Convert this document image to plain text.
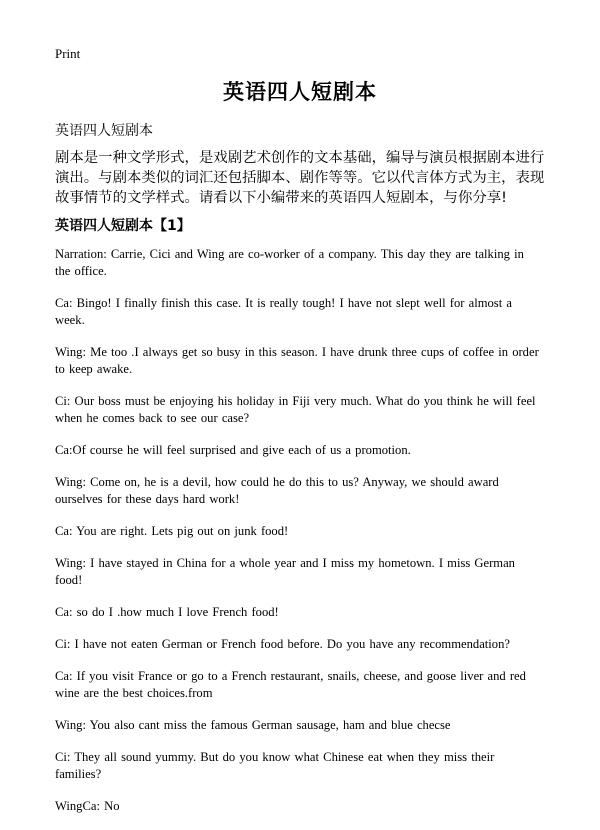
Print
英语四人短剧本
英语四人短剧本
剧本是一种文学形式，是戏剧艺术创作的文本基础，编导与演员根据剧本进行演出。与剧本类似的词汇还包括脚本、剧作等等。它以代言体方式为主，表现故事情节的文学样式。请看以下小编带来的英语四人短剧本，与你分享!
英语四人短剧本【1】

Narration: Carrie, Cici and Wing are co-worker of a company. This day they are talking in the office.

Ca: Bingo! I finally finish this case. It is really tough! I have not slept well for almost a week.

Wing: Me too .I always get so busy in this season. I have drunk three cups of coffee in order to keep awake.

Ci: Our boss must be enjoying his holiday in Fiji very much. What do you think he will feel when he comes back to see our case?

Ca:Of course he will feel surprised and give each of us a promotion.

Wing: Come on, he is a devil, how could he do this to us? Anyway, we should award ourselves for these days hard work!

Ca: You are right. Lets pig out on junk food!

Wing: I have stayed in China for a whole year and I miss my hometown. I miss German food!

Ca: so do I .how much I love French food!

Ci: I have not eaten German or French food before. Do you have any recommendation?

Ca: If you visit France or go to a French restaurant, snails, cheese, and goose liver and red wine are the best choices.from

Wing: You also cant miss the famous German sausage, ham and blue checse

Ci: They all sound yummy. But do you know what Chinese eat when they miss their families?

WingCa: No
